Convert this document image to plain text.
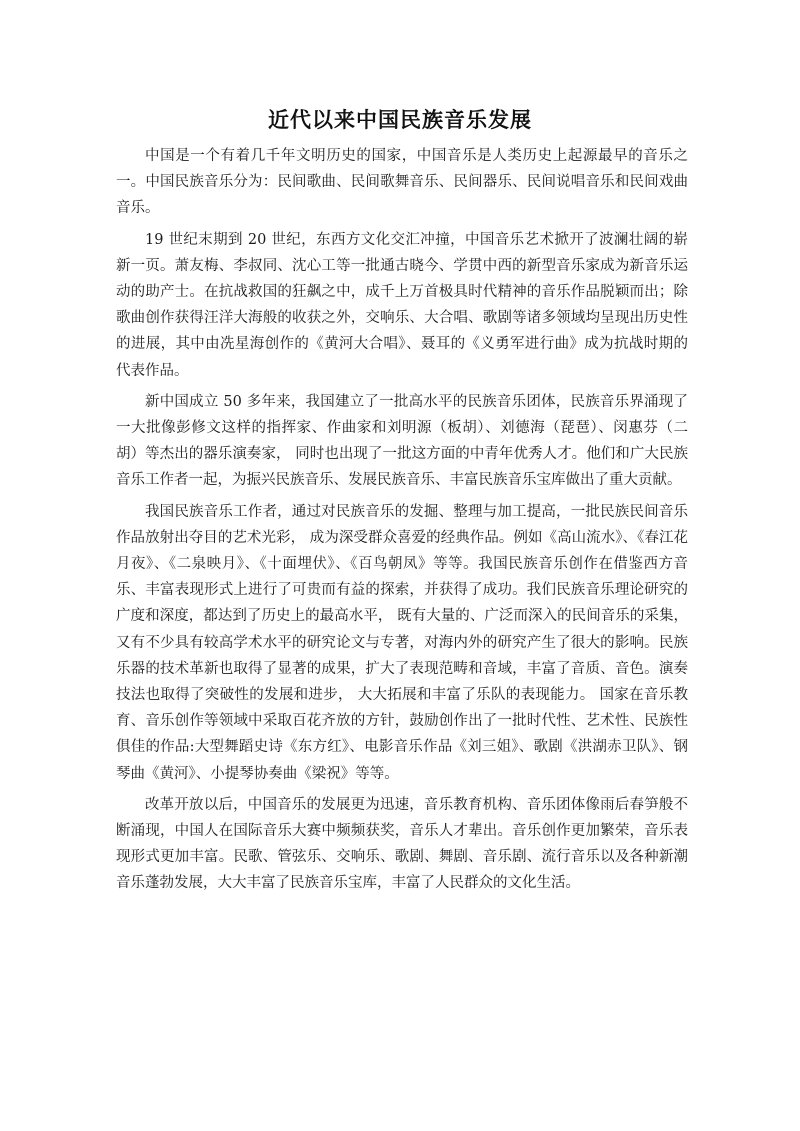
近代以来中国民族音乐发展

中国是一个有着几千年文明历史的国家，中国音乐是人类历史上起源最早的音乐之一。中国民族音乐分为：民间歌曲、民间歌舞音乐、民间器乐、民间说唱音乐和民间戏曲音乐。

19 世纪末期到 20 世纪，东西方文化交汇冲撞，中国音乐艺术掀开了波澜壮阔的崭新一页。萧友梅、李叔同、沈心工等一批通古晓今、学贯中西的新型音乐家成为新音乐运动的助产士。在抗战救国的狂飙之中，成千上万首极具时代精神的音乐作品脱颖而出；除歌曲创作获得汪洋大海般的收获之外，交响乐、大合唱、歌剧等诸多领域均呈现出历史性的进展，其中由冼星海创作的《黄河大合唱》、聂耳的《义勇军进行曲》成为抗战时期的代表作品。

新中国成立 50 多年来，我国建立了一批高水平的民族音乐团体，民族音乐界涌现了一大批像彭修文这样的指挥家、作曲家和刘明源（板胡）、刘德海（琵琶）、闵惠芬（二胡）等杰出的器乐演奏家， 同时也出现了一批这方面的中青年优秀人才。他们和广大民族音乐工作者一起，为振兴民族音乐、发展民族音乐、丰富民族音乐宝库做出了重大贡献。

我国民族音乐工作者，通过对民族音乐的发掘、整理与加工提高，一批民族民间音乐作品放射出夺目的艺术光彩， 成为深受群众喜爱的经典作品。例如《高山流水》、《春江花月夜》、《二泉映月》、《十面埋伏》、《百鸟朝凤》等等。我国民族音乐创作在借鉴西方音乐、丰富表现形式上进行了可贵而有益的探索，并获得了成功。我们民族音乐理论研究的广度和深度，都达到了历史上的最高水平， 既有大量的、广泛而深入的民间音乐的采集，又有不少具有较高学术水平的研究论文与专著，对海内外的研究产生了很大的影响。民族乐器的技术革新也取得了显著的成果，扩大了表现范畴和音域，丰富了音质、音色。演奏技法也取得了突破性的发展和进步， 大大拓展和丰富了乐队的表现能力。 国家在音乐教育、音乐创作等领域中采取百花齐放的方针，鼓励创作出了一批时代性、艺术性、民族性俱佳的作品:大型舞蹈史诗《东方红》、电影音乐作品《刘三姐》、歌剧《洪湖赤卫队》、钢琴曲《黄河》、小提琴协奏曲《梁祝》等等。

改革开放以后，中国音乐的发展更为迅速，音乐教育机构、音乐团体像雨后春笋般不断涌现，中国人在国际音乐大赛中频频获奖，音乐人才辈出。音乐创作更加繁荣，音乐表现形式更加丰富。民歌、管弦乐、交响乐、歌剧、舞剧、音乐剧、流行音乐以及各种新潮音乐蓬勃发展，大大丰富了民族音乐宝库，丰富了人民群众的文化生活。
